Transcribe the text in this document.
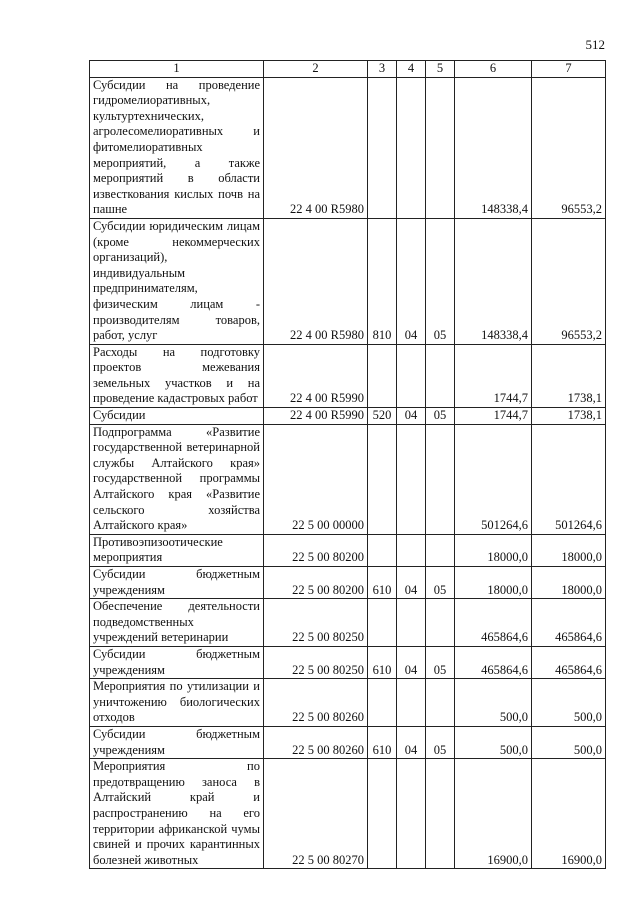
512
1	2	3	4	5	6	7
Субсидии на проведение гидромелиоративных, культуртехнических, агролесомелиоративных и фитомелиоративных мероприятий, а также мероприятий в области известкования кислых почв на пашне	22 4 00 R5980				148338,4	96553,2
Субсидии юридическим лицам (кроме некоммерческих организаций), индивидуальным предпринимателям, физическим лицам - производителям товаров, работ, услуг	22 4 00 R5980	810	04	05	148338,4	96553,2
Расходы на подготовку проектов межевания земельных участков и на проведение кадастровых работ	22 4 00 R5990				1744,7	1738,1
Субсидии	22 4 00 R5990	520	04	05	1744,7	1738,1
Подпрограмма «Развитие государственной ветеринарной службы Алтайского края» государственной программы Алтайского края «Развитие сельского хозяйства Алтайского края»	22 5 00 00000				501264,6	501264,6
Противоэпизоотические мероприятия	22 5 00 80200				18000,0	18000,0
Субсидии бюджетным учреждениям	22 5 00 80200	610	04	05	18000,0	18000,0
Обеспечение деятельности подведомственных учреждений ветеринарии	22 5 00 80250				465864,6	465864,6
Субсидии бюджетным учреждениям	22 5 00 80250	610	04	05	465864,6	465864,6
Мероприятия по утилизации и уничтожению биологических отходов	22 5 00 80260				500,0	500,0
Субсидии бюджетным учреждениям	22 5 00 80260	610	04	05	500,0	500,0
Мероприятия по предотвращению заноса в Алтайский край и распространению на его территории африканской чумы свиней и прочих карантинных болезней животных	22 5 00 80270				16900,0	16900,0
